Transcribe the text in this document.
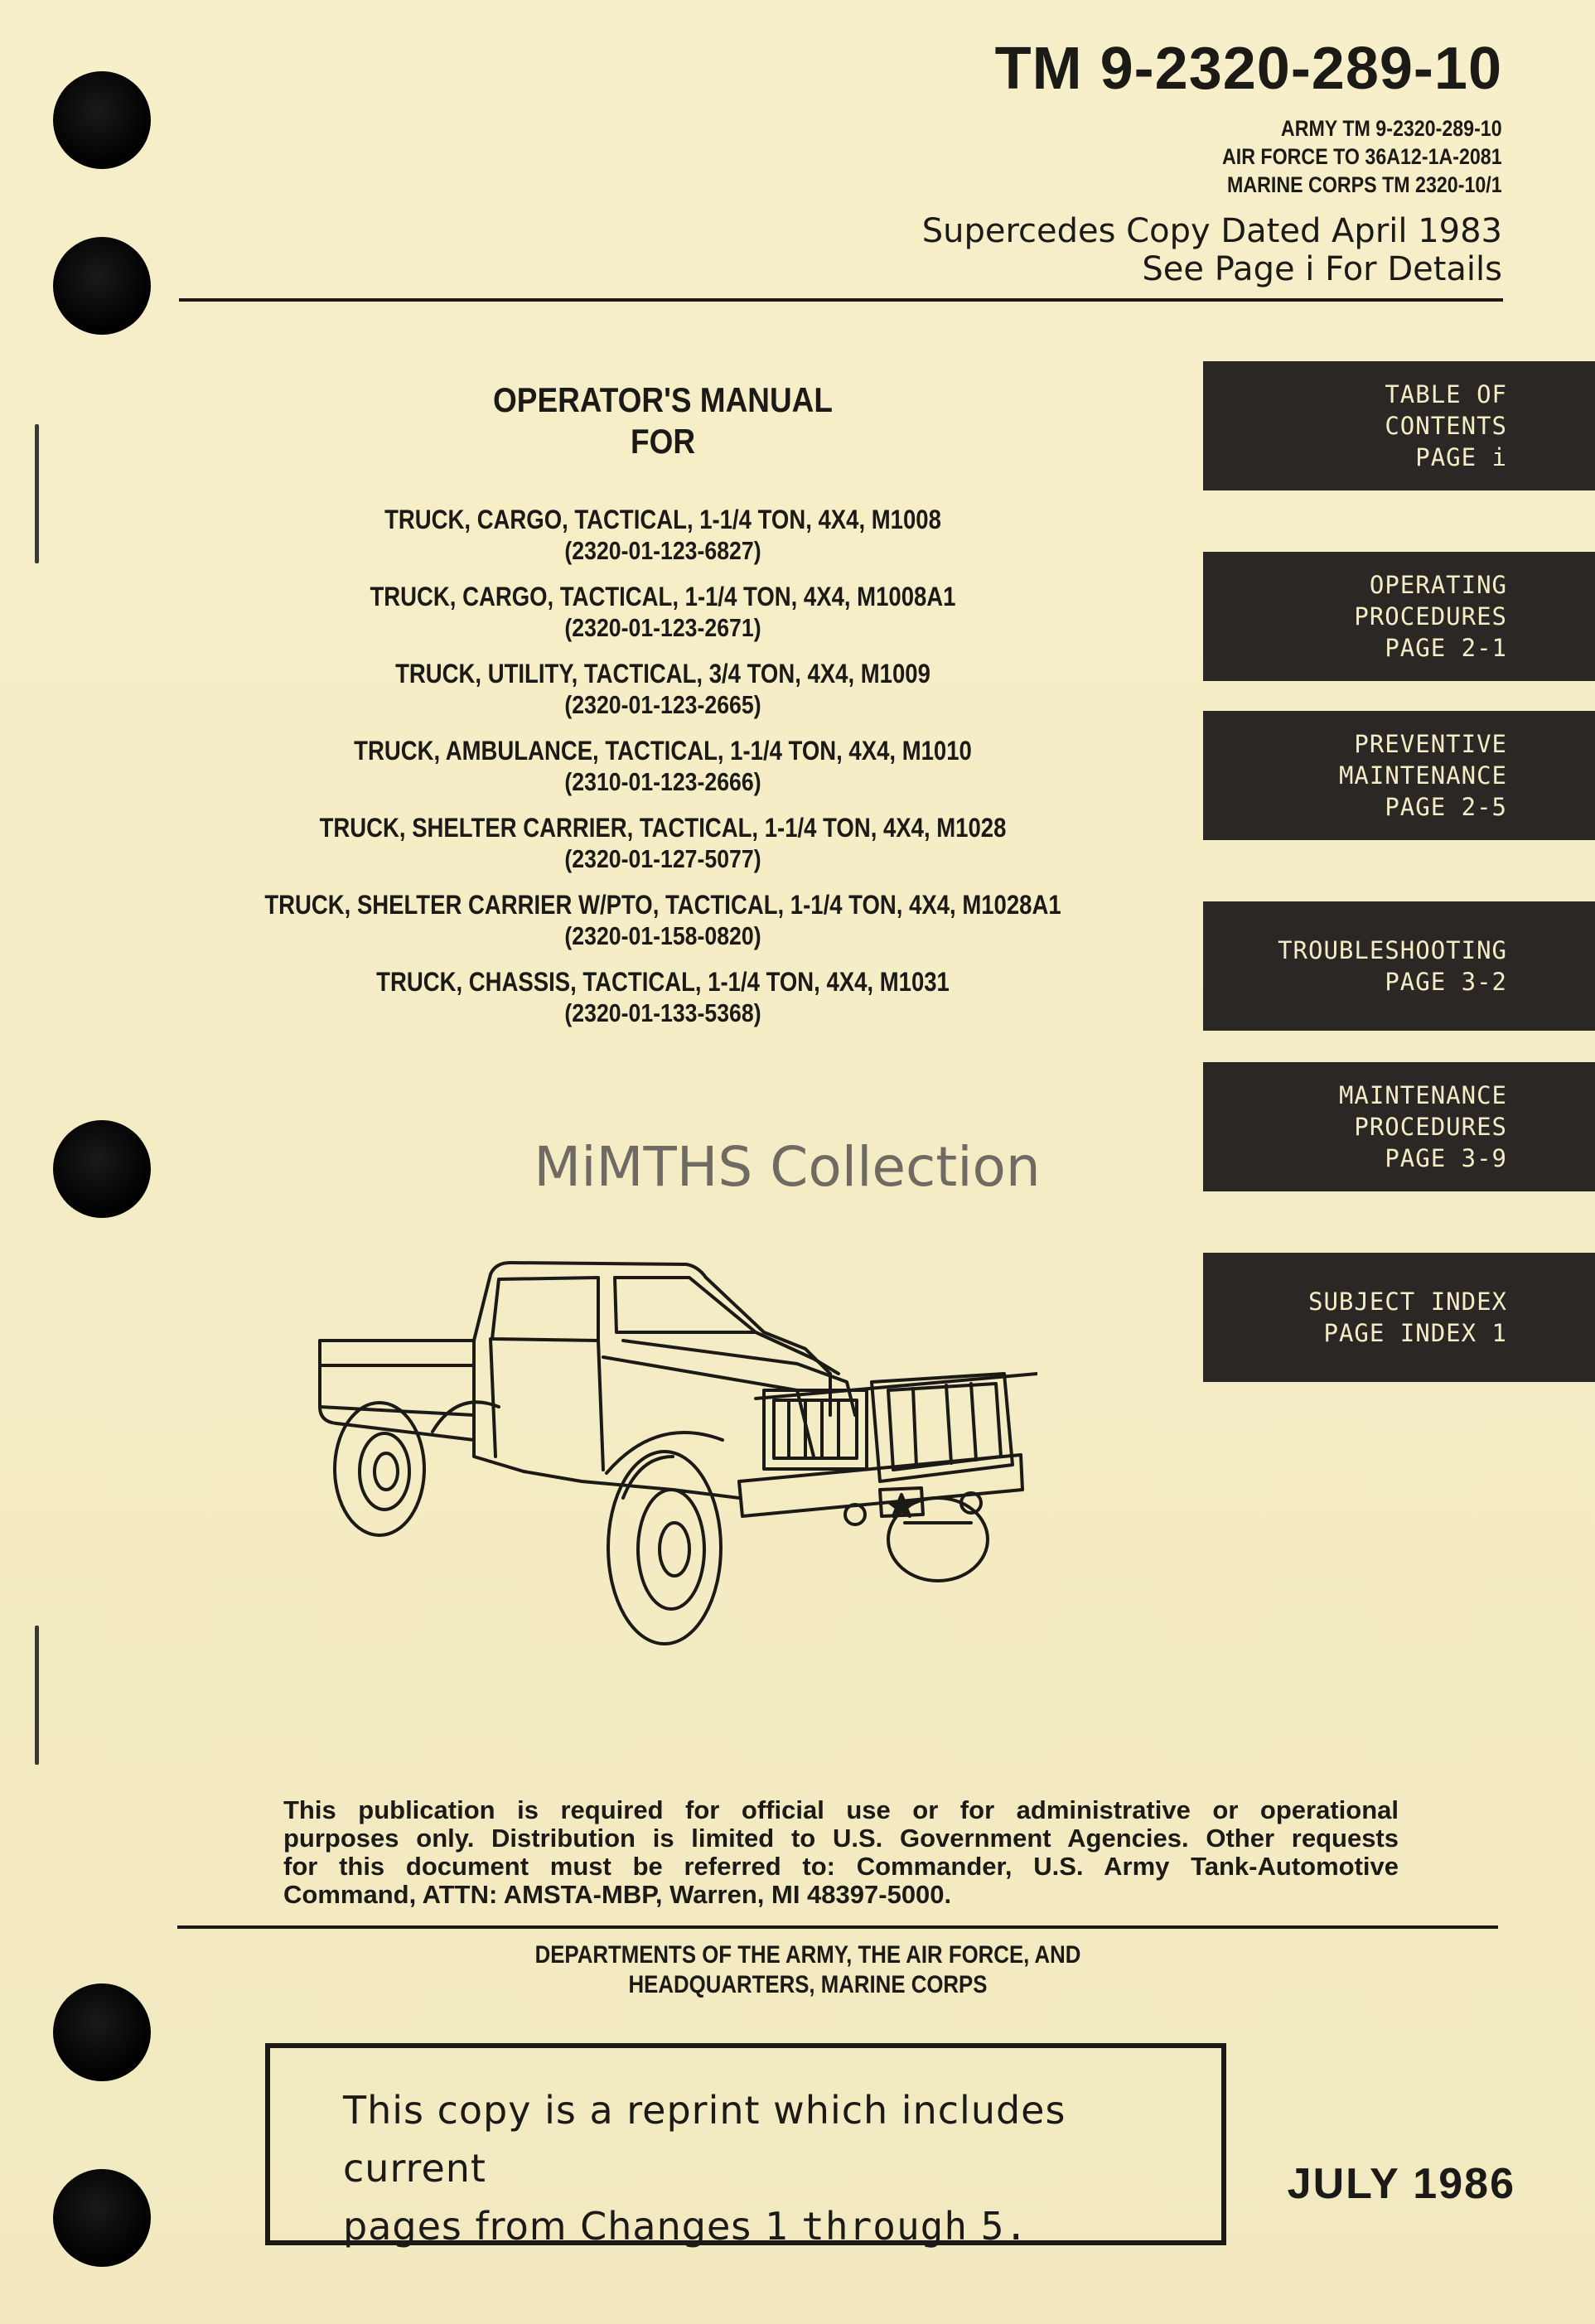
TM 9-2320-289-10
ARMY TM 9-2320-289-10
AIR FORCE TO 36A12-1A-2081
MARINE CORPS TM 2320-10/1
Supercedes Copy Dated April 1983
See Page i For Details
OPERATOR'S MANUAL
FOR
TRUCK, CARGO, TACTICAL, 1-1/4 TON, 4X4, M1008
(2320-01-123-6827)
TRUCK, CARGO, TACTICAL, 1-1/4 TON, 4X4, M1008A1
(2320-01-123-2671)
TRUCK, UTILITY, TACTICAL, 3/4 TON, 4X4, M1009
(2320-01-123-2665)
TRUCK, AMBULANCE, TACTICAL, 1-1/4 TON, 4X4, M1010
(2310-01-123-2666)
TRUCK, SHELTER CARRIER, TACTICAL, 1-1/4 TON, 4X4, M1028
(2320-01-127-5077)
TRUCK, SHELTER CARRIER W/PTO, TACTICAL, 1-1/4 TON, 4X4, M1028A1
(2320-01-158-0820)
TRUCK, CHASSIS, TACTICAL, 1-1/4 TON, 4X4, M1031
(2320-01-133-5368)
MiMTHS Collection
TABLE OF
CONTENTS
PAGE i
OPERATING
PROCEDURES
PAGE 2-1
PREVENTIVE
MAINTENANCE
PAGE 2-5
TROUBLESHOOTING
PAGE 3-2
MAINTENANCE
PROCEDURES
PAGE 3-9
SUBJECT INDEX
PAGE INDEX 1
This publication is required for official use or for administrative or operational
purposes only. Distribution is limited to U.S. Government Agencies. Other requests
for this document must be referred to: Commander, U.S. Army Tank-Automotive
Command, ATTN: AMSTA-MBP, Warren, MI 48397-5000.
DEPARTMENTS OF THE ARMY, THE AIR FORCE, AND
HEADQUARTERS, MARINE CORPS
This copy is a reprint which includes current
pages from Changes 1 through 5.
JULY 1986
